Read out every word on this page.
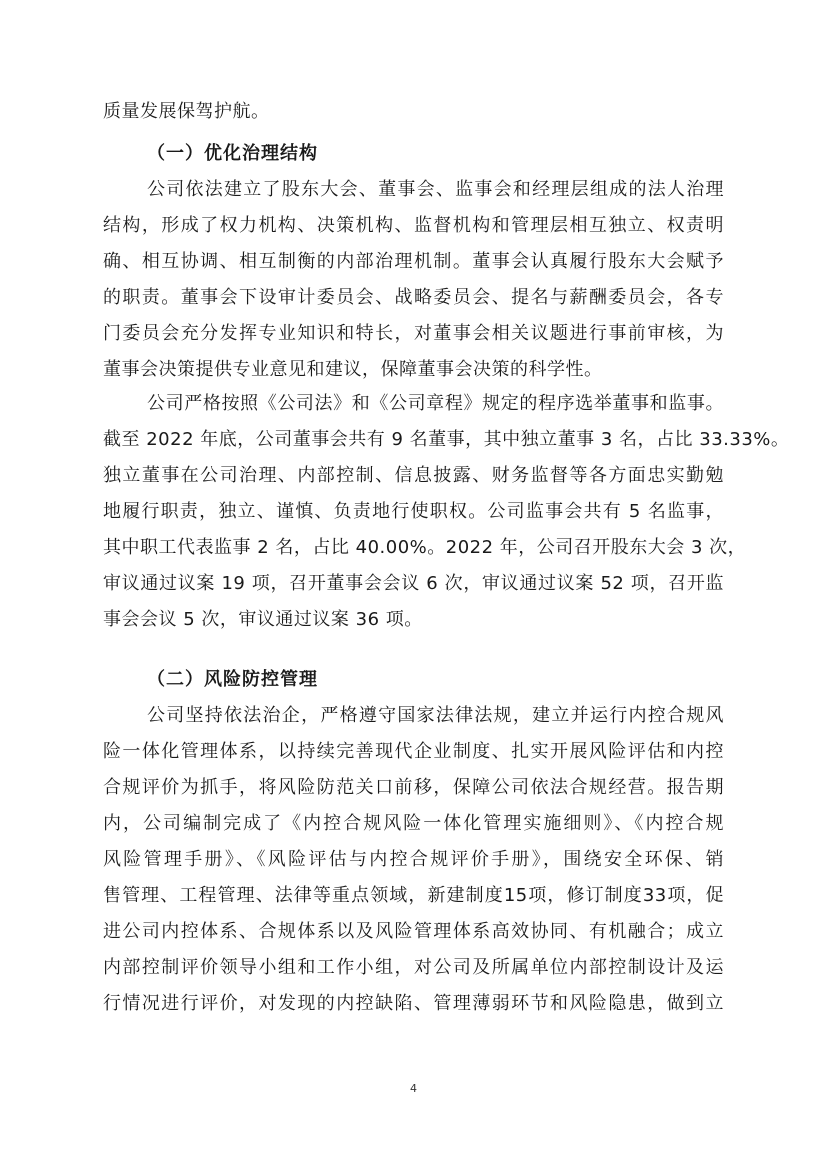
质量发展保驾护航。
（一）优化治理结构
公司依法建立了股东大会、董事会、监事会和经理层组成的法人治理
结构，形成了权力机构、决策机构、监督机构和管理层相互独立、权责明
确、相互协调、相互制衡的内部治理机制。董事会认真履行股东大会赋予
的职责。董事会下设审计委员会、战略委员会、提名与薪酬委员会，各专
门委员会充分发挥专业知识和特长，对董事会相关议题进行事前审核，为
董事会决策提供专业意见和建议，保障董事会决策的科学性。
公司严格按照《公司法》和《公司章程》规定的程序选举董事和监事。
截至 2022 年底，公司董事会共有 9 名董事，其中独立董事 3 名，占比 33.33%。
独立董事在公司治理、内部控制、信息披露、财务监督等各方面忠实勤勉
地履行职责，独立、谨慎、负责地行使职权。公司监事会共有 5 名监事，
其中职工代表监事 2 名，占比 40.00%。2022 年，公司召开股东大会 3 次，
审议通过议案 19 项，召开董事会会议 6 次，审议通过议案 52 项，召开监
事会会议 5 次，审议通过议案 36 项。
（二）风险防控管理
公司坚持依法治企，严格遵守国家法律法规，建立并运行内控合规风
险一体化管理体系，以持续完善现代企业制度、扎实开展风险评估和内控
合规评价为抓手，将风险防范关口前移，保障公司依法合规经营。报告期
内，公司编制完成了《内控合规风险一体化管理实施细则》、《内控合规
风险管理手册》、《风险评估与内控合规评价手册》，围绕安全环保、销
售管理、工程管理、法律等重点领域，新建制度15项，修订制度33项，促
进公司内控体系、合规体系以及风险管理体系高效协同、有机融合；成立
内部控制评价领导小组和工作小组，对公司及所属单位内部控制设计及运
行情况进行评价，对发现的内控缺陷、管理薄弱环节和风险隐患，做到立
4
